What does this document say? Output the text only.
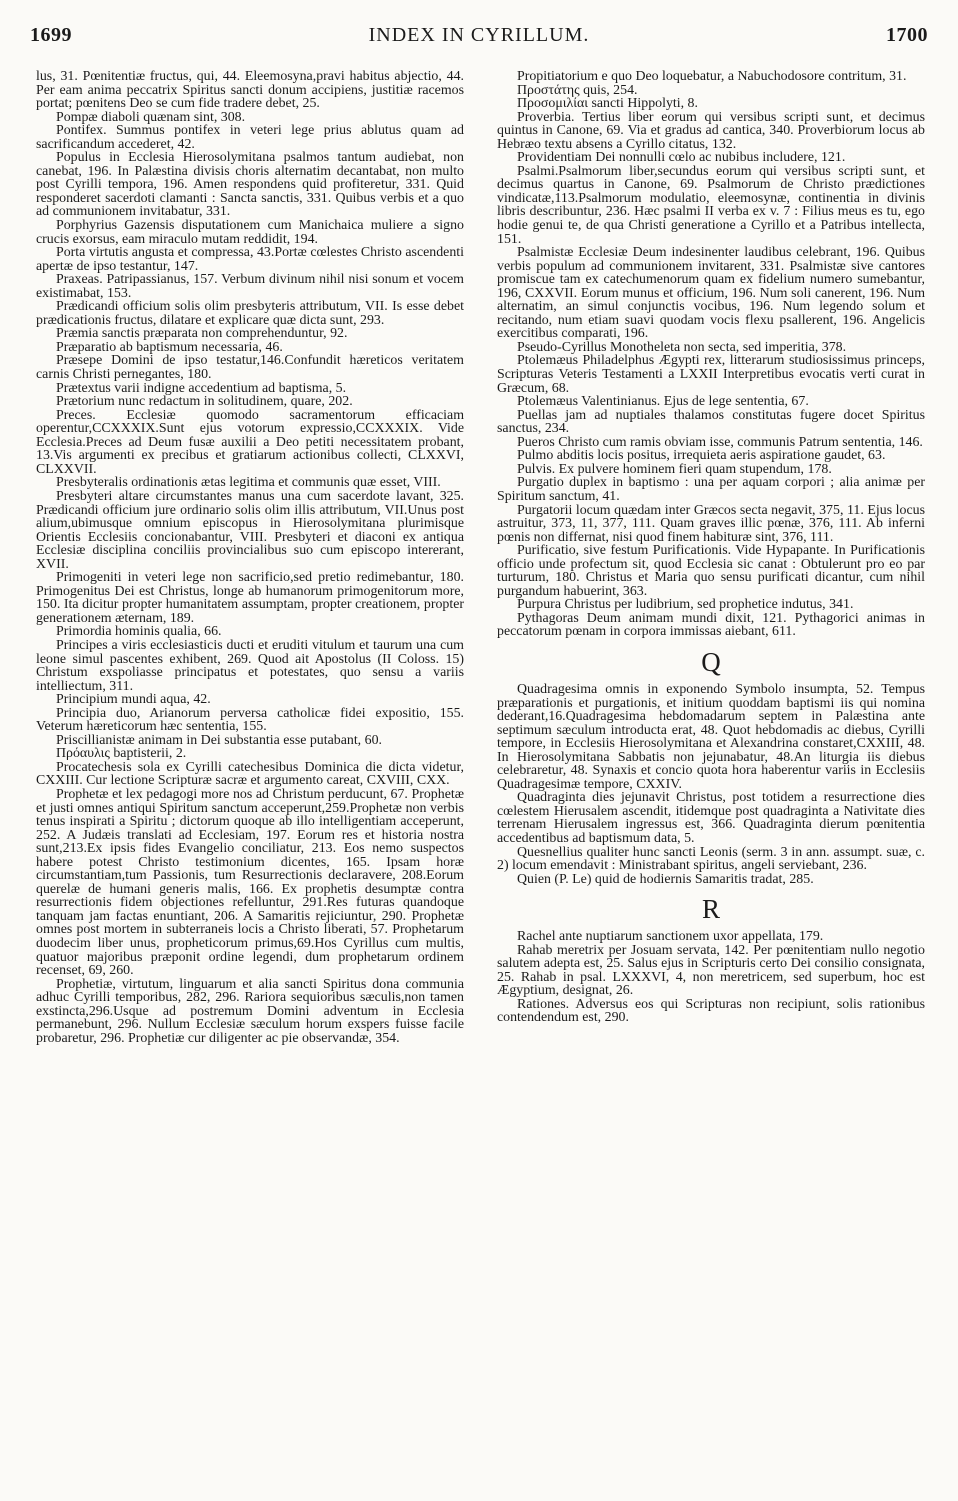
1699	INDEX IN CYRILLUM.	1700

lus, 31. Pœnitentiæ fructus, qui, 44. Eleemosyna,pravi habitus abjectio, 44. Per eam anima peccatrix Spiritus sancti donum accipiens, justitiæ racemos portat; pœnitens Deo se cum fide tradere debet, 25.

Pompæ diaboli quænam sint, 308.

Pontifex. Summus pontifex in veteri lege prius ablutus quam ad sacrificandum accederet, 42.

Populus in Ecclesia Hierosolymitana psalmos tantum audiebat, non canebat, 196. In Palæstina divisis choris alternatim decantabat, non multo post Cyrilli tempora, 196. Amen respondens quid profiteretur, 331. Quid responderet sacerdoti clamanti : Sancta sanctis, 331. Quibus verbis et a quo ad communionem invitabatur, 331.

Porphyrius Gazensis disputationem cum Manichaica muliere a signo crucis exorsus, eam miraculo mutam reddidit, 194.

Porta virtutis angusta et compressa, 43.Portæ cœlestes Christo ascendenti apertæ de ipso testantur, 147.

Praxeas. Patripassianus, 157. Verbum divinum nihil nisi sonum et vocem existimabat, 153.

Prædicandi officium solis olim presbyteris attributum, VII. Is esse debet prædicationis fructus, dilatare et explicare quæ dicta sunt, 293.

Præmia sanctis præparata non comprehenduntur, 92.

Præparatio ab baptismum necessaria, 46.

Præsepe Domini de ipso testatur,146.Confundit hæreticos veritatem carnis Christi pernegantes, 180.

Prætextus varii indigne accedentium ad baptisma, 5.

Prætorium nunc redactum in solitudinem, quare, 202.

Preces. Ecclesiæ quomodo sacramentorum efficaciam operentur,CCXXXIX.Sunt ejus votorum expressio,CCXXXIX. Vide Ecclesia.Preces ad Deum fusæ auxilii a Deo petiti necessitatem probant, 13.Vis argumenti ex precibus et gratiarum actionibus collecti, CLXXVI, CLXXVII.

Presbyteralis ordinationis ætas legitima et communis quæ esset, VIII.

Presbyteri altare circumstantes manus una cum sacerdote lavant, 325. Prædicandi officium jure ordinario solis olim illis attributum, VII.Unus post alium,ubimusque omnium episcopus in Hierosolymitana plurimisque Orientis Ecclesiis concionabantur, VIII. Presbyteri et diaconi ex antiqua Ecclesiæ disciplina conciliis provincialibus suo cum episcopo intererant, XVII.

Primogeniti in veteri lege non sacrificio,sed pretio redimebantur, 180. Primogenitus Dei est Christus, longe ab humanorum primogenitorum more, 150. Ita dicitur propter humanitatem assumptam, propter creationem, propter generationem æternam, 189.

Primordia hominis qualia, 66.

Principes a viris ecclesiasticis ducti et eruditi vitulum et taurum una cum leone simul pascentes exhibent, 269. Quod ait Apostolus (II Coloss. 15) Christum exspoliasse principatus et potestates, quo sensu a variis intelliectum, 311.

Principium mundi aqua, 42.

Principia duo, Arianorum perversa catholicæ fidei expositio, 155. Veterum hæreticorum hæc sententia, 155.

Priscillianistæ animam in Dei substantia esse putabant, 60.

Πρόαυλις baptisterii, 2.

Procatechesis sola ex Cyrilli catechesibus Dominica die dicta videtur, CXXIII. Cur lectione Scripturæ sacræ et argumento careat, CXVIII, CXX.

Prophetæ et lex pedagogi more nos ad Christum perducunt, 67. Prophetæ et justi omnes antiqui Spiritum sanctum acceperunt,259.Prophetæ non verbis tenus inspirati a Spiritu ; dictorum quoque ab illo intelligentiam acceperunt, 252. A Judæis translati ad Ecclesiam, 197. Eorum res et historia nostra sunt,213.Ex ipsis fides Evangelio conciliatur, 213. Eos nemo suspectos habere potest Christo testimonium dicentes, 165. Ipsam horæ circumstantiam,tum Passionis, tum Resurrectionis declaravere, 208.Eorum querelæ de humani generis malis, 166. Ex prophetis desumptæ contra resurrectionis fidem objectiones refelluntur, 291.Res futuras quandoque tanquam jam factas enuntiant, 206. A Samaritis rejiciuntur, 290. Prophetæ omnes post mortem in subterraneis locis a Christo liberati, 57. Prophetarum duodecim liber unus, propheticorum primus,69.Hos Cyrillus cum multis, quatuor majoribus præponit ordine legendi, dum prophetarum ordinem recenset, 69, 260.

Prophetiæ, virtutum, linguarum et alia sancti Spiritus dona communia adhuc Cyrilli temporibus, 282, 296. Rariora sequioribus sæculis,non tamen exstincta,296.Usque ad postremum Domini adventum in Ecclesia permanebunt, 296. Nullum Ecclesiæ sæculum horum exspers fuisse facile probaretur, 296. Prophetiæ cur diligenter ac pie observandæ, 354.

Propitiatorium e quo Deo loquebatur, a Nabuchodosore contritum, 31.

Προστάτης quis, 254.

Προσομιλίαι sancti Hippolyti, 8.

Proverbia. Tertius liber eorum qui versibus scripti sunt, et decimus quintus in Canone, 69. Via et gradus ad cantica, 340. Proverbiorum locus ab Hebræo textu absens a Cyrillo citatus, 132.

Providentiam Dei nonnulli cœlo ac nubibus includere, 121.

Psalmi.Psalmorum liber,secundus eorum qui versibus scripti sunt, et decimus quartus in Canone, 69. Psalmorum de Christo prædictiones vindicatæ,113.Psalmorum modulatio, eleemosynæ, continentia in divinis libris describuntur, 236. Hæc psalmi II verba ex v. 7 : Filius meus es tu, ego hodie genui te, de qua Christi generatione a Cyrillo et a Patribus intellecta, 151.

Psalmistæ Ecclesiæ Deum indesinenter laudibus celebrant, 196. Quibus verbis populum ad communionem invitarent, 331. Psalmistæ sive cantores promiscue tam ex catechumenorum quam ex fidelium numero sumebantur, 196, CXXVII. Eorum munus et officium, 196. Num soli canerent, 196. Num alternatim, an simul conjunctis vocibus, 196. Num legendo solum et recitando, num etiam suavi quodam vocis flexu psallerent, 196. Angelicis exercitibus comparati, 196.

Pseudo-Cyrillus Monotheleta non secta, sed imperitia, 378.

Ptolemæus Philadelphus Ægypti rex, litterarum studiosissimus princeps, Scripturas Veteris Testamenti a LXXII Interpretibus evocatis verti curat in Græcum, 68.

Ptolemæus Valentinianus. Ejus de lege sententia, 67.

Puellas jam ad nuptiales thalamos constitutas fugere docet Spiritus sanctus, 234.

Pueros Christo cum ramis obviam isse, communis Patrum sententia, 146.

Pulmo abditis locis positus, irrequieta aeris aspiratione gaudet, 63.

Pulvis. Ex pulvere hominem fieri quam stupendum, 178.

Purgatio duplex in baptismo : una per aquam corpori ; alia animæ per Spiritum sanctum, 41.

Purgatorii locum quædam inter Græcos secta negavit, 375, 11. Ejus locus astruitur, 373, 11, 377, 111. Quam graves illic pœnæ, 376, 111. Ab inferni pœnis non differnat, nisi quod finem habituræ sint, 376, 111.

Purificatio, sive festum Purificationis. Vide Hypapante. In Purificationis officio unde profectum sit, quod Ecclesia sic canat : Obtulerunt pro eo par turturum, 180. Christus et Maria quo sensu purificati dicantur, cum nihil purgandum habuerint, 363.

Purpura Christus per ludibrium, sed prophetice indutus, 341.

Pythagoras Deum animam mundi dixit, 121. Pythagorici animas in peccatorum pœnam in corpora immissas aiebant, 611.

Q

Quadragesima omnis in exponendo Symbolo insumpta, 52. Tempus præparationis et purgationis, et initium quoddam baptismi iis qui nomina dederant,16.Quadragesima hebdomadarum septem in Palæstina ante septimum sæculum introducta erat, 48. Quot hebdomadis ac diebus, Cyrilli tempore, in Ecclesiis Hierosolymitana et Alexandrina constaret,CXXIII, 48. In Hierosolymitana Sabbatis non jejunabatur, 48.An liturgia iis diebus celebraretur, 48. Synaxis et concio quota hora haberentur variis in Ecclesiis Quadragesimæ tempore, CXXIV.

Quadraginta dies jejunavit Christus, post totidem a resurrectione dies cœlestem Hierusalem ascendit, itidemque post quadraginta a Nativitate dies terrenam Hierusalem ingressus est, 366. Quadraginta dierum pœnitentia accedentibus ad baptismum data, 5.

Quesnellius qualiter hunc sancti Leonis (serm. 3 in ann. assumpt. suæ, c. 2) locum emendavit : Ministrabant spiritus, angeli serviebant, 236.

Quien (P. Le) quid de hodiernis Samaritis tradat, 285.

R

Rachel ante nuptiarum sanctionem uxor appellata, 179.

Rahab meretrix per Josuam servata, 142. Per pœnitentiam nullo negotio salutem adepta est, 25. Salus ejus in Scripturis certo Dei consilio consignata, 25. Rahab in psal. LXXXVI, 4, non meretricem, sed superbum, hoc est Ægyptium, designat, 26.

Rationes. Adversus eos qui Scripturas non recipiunt, solis rationibus contendendum est, 290.
